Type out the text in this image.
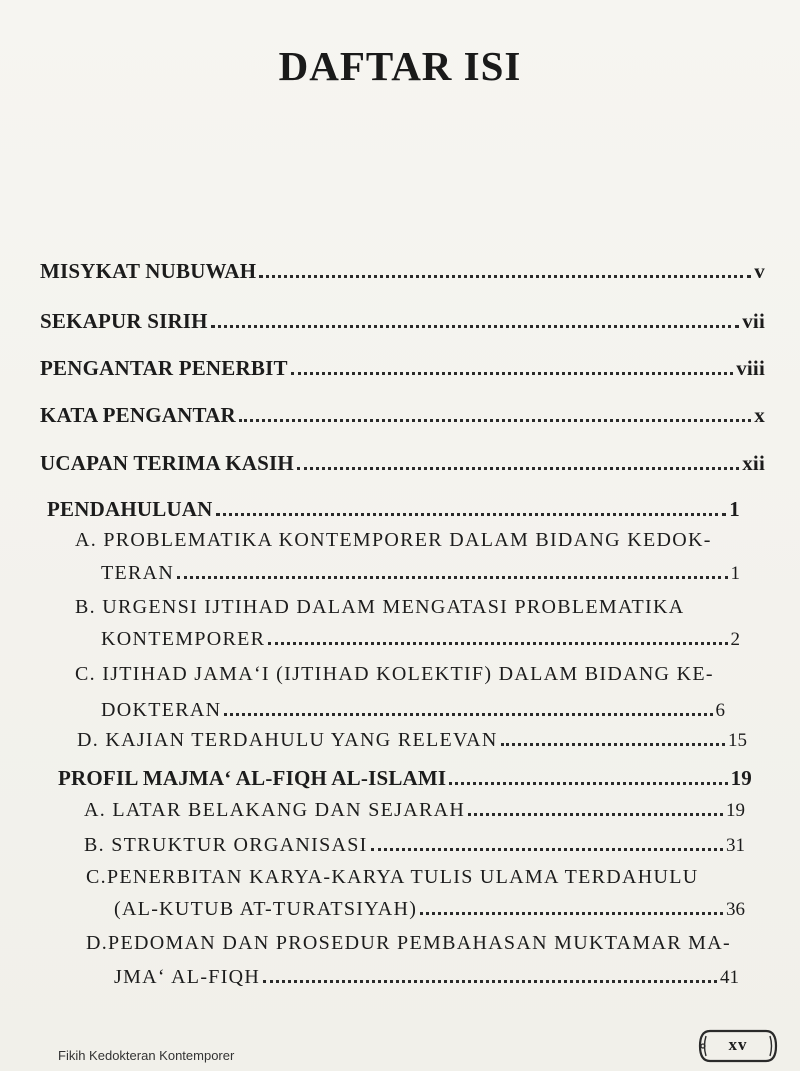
DAFTAR ISI
MISYKAT NUBUWAH	v
SEKAPUR SIRIH	vii
PENGANTAR PENERBIT	viii
KATA PENGANTAR	x
UCAPAN TERIMA KASIH	xii
PENDAHULUAN	1
A. PROBLEMATIKA KONTEMPORER DALAM BIDANG KEDOK-
TERAN	1
B. URGENSI IJTIHAD DALAM MENGATASI PROBLEMATIKA
KONTEMPORER	2
C. IJTIHAD JAMA‘I (IJTIHAD KOLEKTIF) DALAM BIDANG KE-
DOKTERAN	6
D. KAJIAN TERDAHULU YANG RELEVAN	15
PROFIL MAJMA‘ AL-FIQH AL-ISLAMI	19
A. LATAR BELAKANG DAN SEJARAH	19
B. STRUKTUR ORGANISASI	31
C.PENERBITAN KARYA-KARYA TULIS ULAMA TERDAHULU
(AL-KUTUB AT-TURATSIYAH)	36
D.PEDOMAN DAN PROSEDUR PEMBAHASAN MUKTAMAR MA-
JMA‘ AL-FIQH	41
Fikih Kedokteran Kontemporer
xv
